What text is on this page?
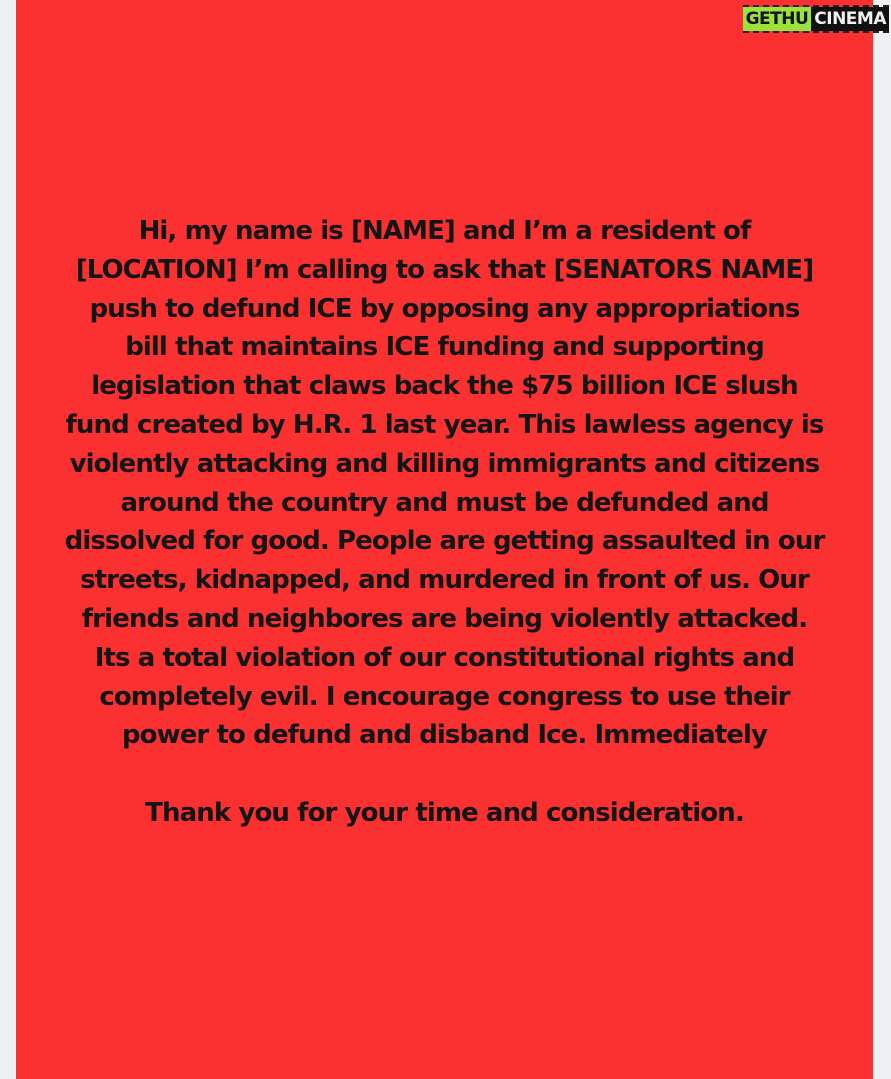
Hi, my name is [NAME] and I’m a resident of

[LOCATION] I’m calling to ask that [SENATORS NAME]

push to defund ICE by opposing any appropriations

bill that maintains ICE funding and supporting

legislation that claws back the $75 billion ICE slush

fund created by H.R. 1 last year. This lawless agency is

violently attacking and killing immigrants and citizens

around the country and must be defunded and

dissolved for good. People are getting assaulted in our

streets, kidnapped, and murdered in front of us. Our

friends and neighbores are being violently attacked.

Its a total violation of our constitutional rights and

completely evil. I encourage congress to use their

power to defund and disband Ice. Immediately

Thank you for your time and consideration.

GETHU CINEMA
